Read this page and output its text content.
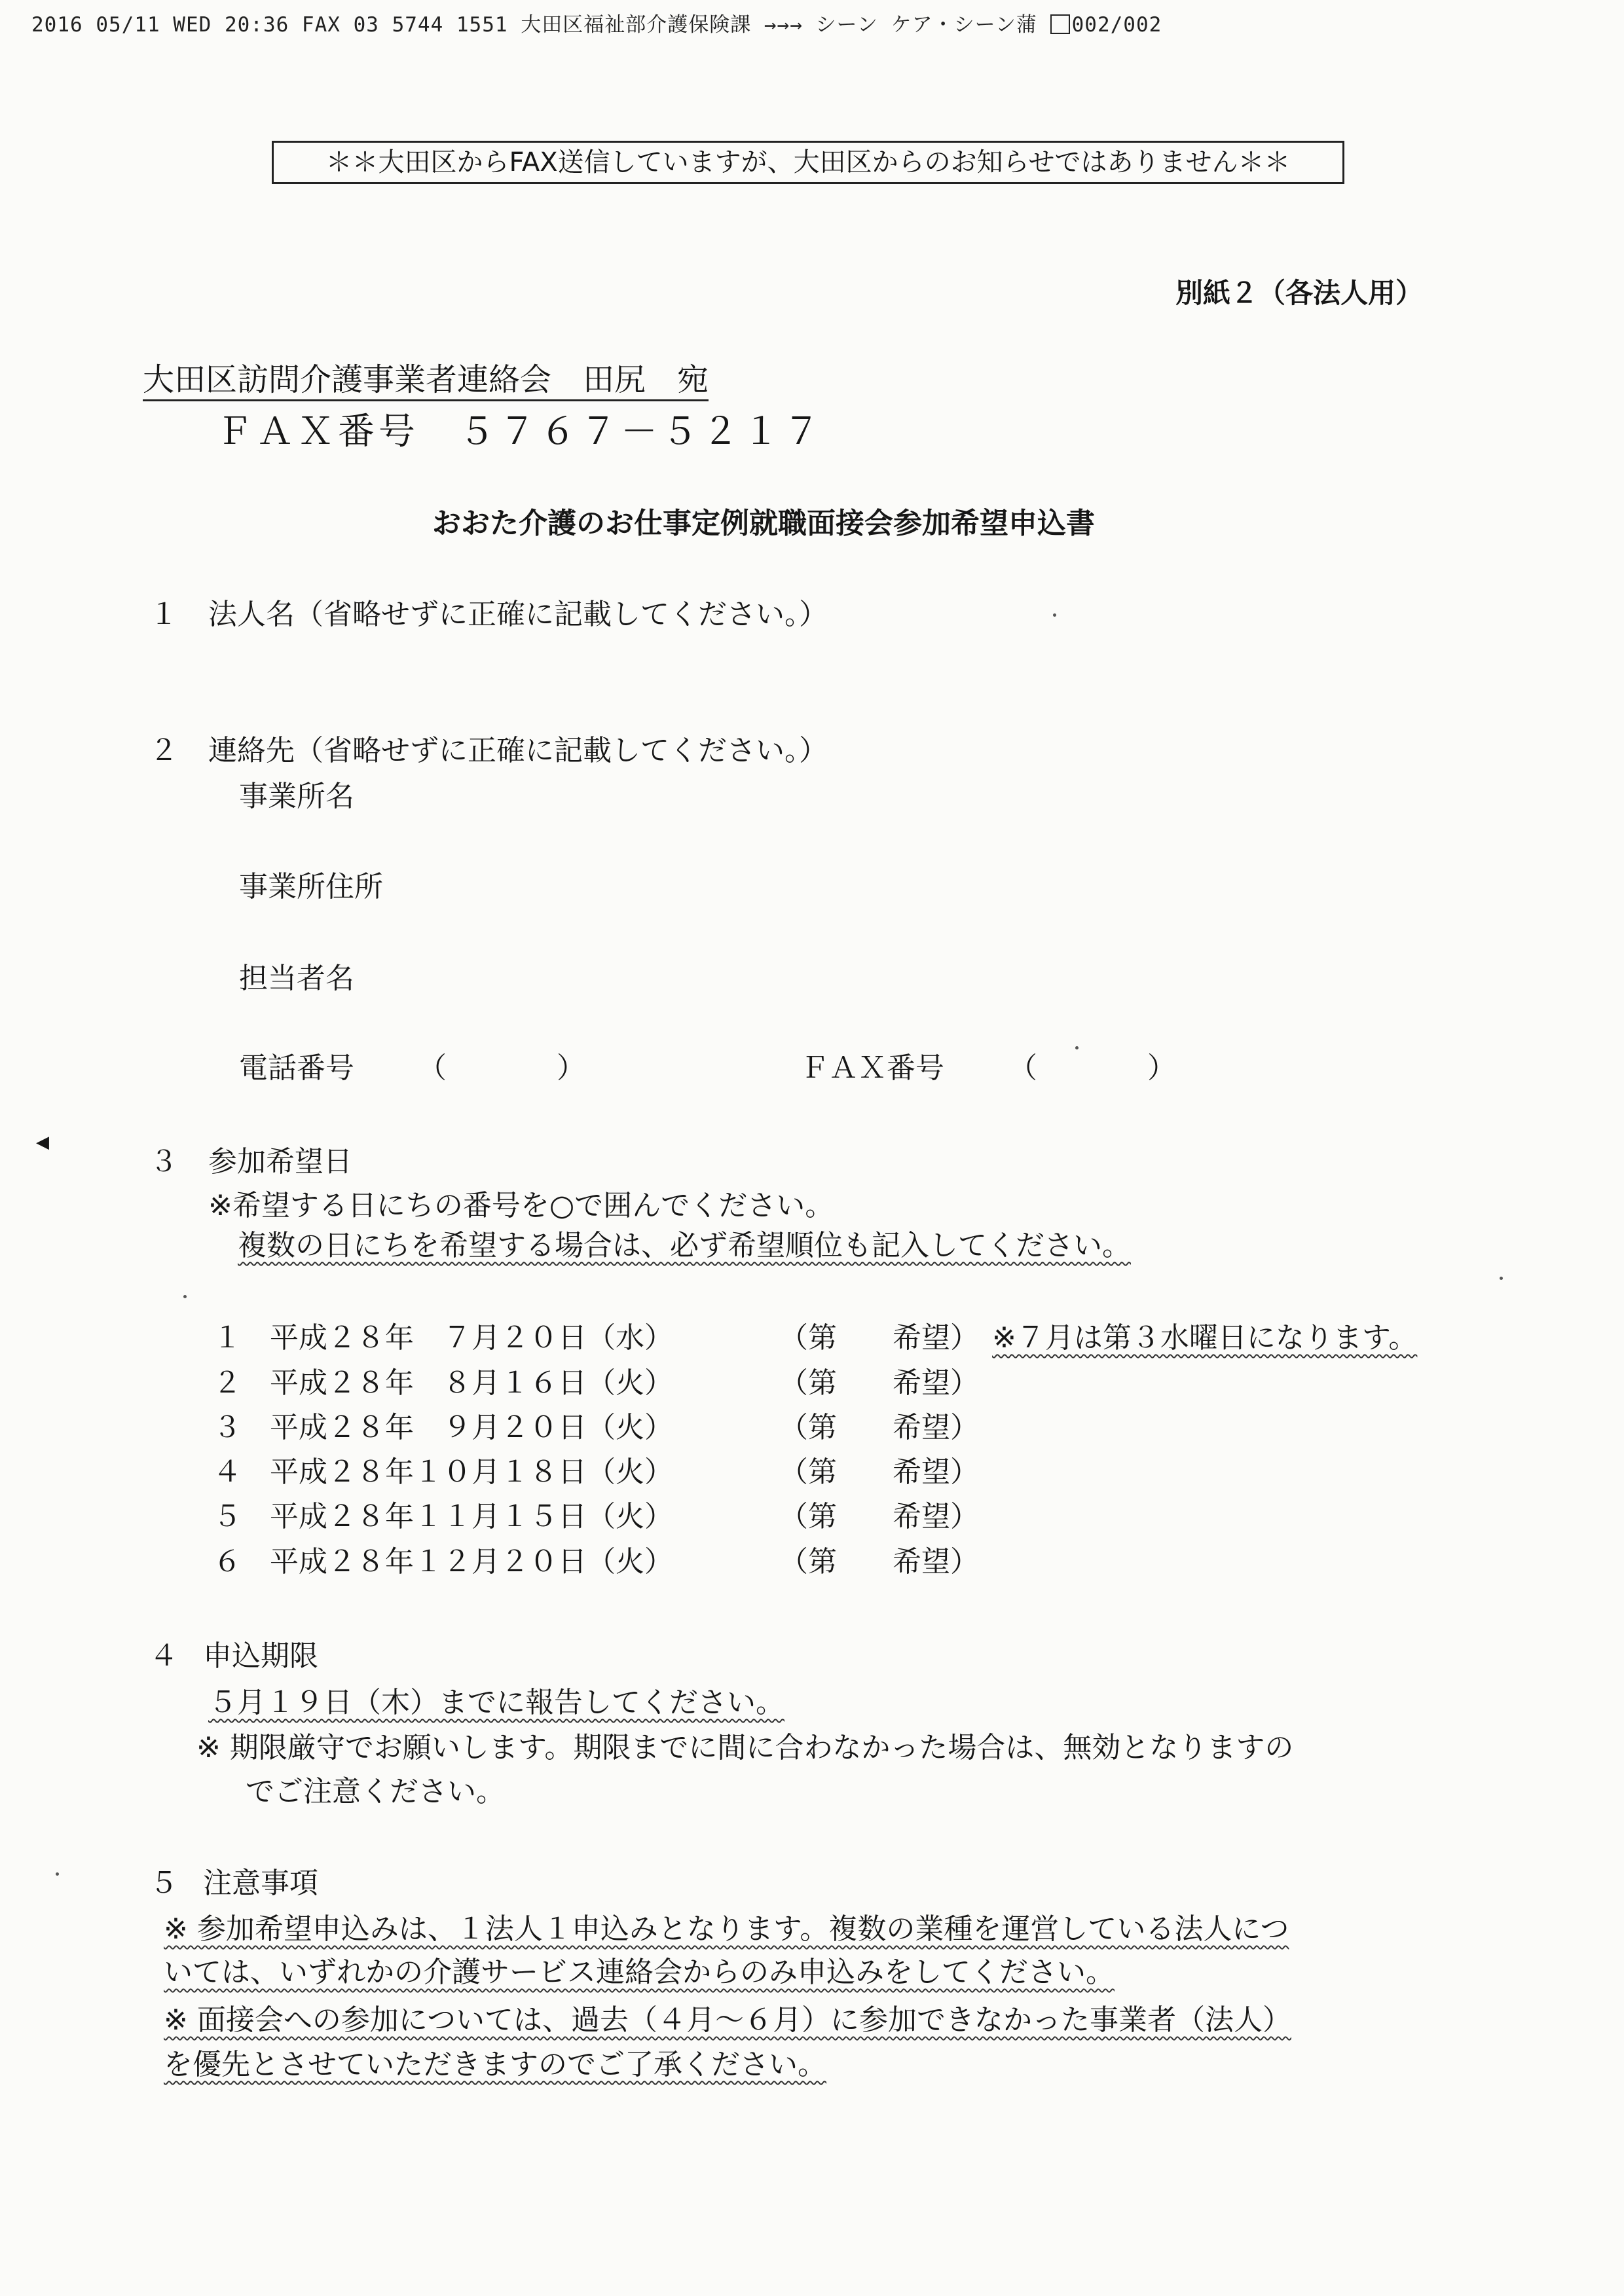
2016 05/11 WED 20:36 FAX 03 5744 1551 大田区福祉部介護保険課 →→→ シーン ケア・シーン蒲 002/002
＊＊大田区からFAX送信していますが、大田区からのお知らせではありません＊＊
別紙２（各法人用）
大田区訪問介護事業者連絡会　田尻　宛
ＦＡＸ番号 ５７６７－５２１７
おおた介護のお仕事定例就職面接会参加希望申込書
１ 法人名（省略せずに正確に記載してください。）
２ 連絡先（省略せずに正確に記載してください。）
事業所名
事業所住所
担当者名
電話番号 （	）	ＦＡＸ番号 （	）
◀
３ 参加希望日
※希望する日にちの番号を○で囲んでください。
複数の日にちを希望する場合は、必ず希望順位も記入してください。
１ 平成２８年　７月２０日（水）	（第 希望） ※７月は第３水曜日になります。
２ 平成２８年　８月１６日（火）	（第 希望）
３ 平成２８年　９月２０日（火）	（第 希望）
４ 平成２８年１０月１８日（火）	（第 希望）
５ 平成２８年１１月１５日（火）	（第 希望）
６ 平成２８年１２月２０日（火）	（第 希望）
４ 申込期限
５月１９日（木）までに報告してください。
※ 期限厳守でお願いします。期限までに間に合わなかった場合は、無効となりますの
でご注意ください。
５ 注意事項
※ 参加希望申込みは、１法人１申込みとなります。複数の業種を運営している法人につ
いては、いずれかの介護サービス連絡会からのみ申込みをしてください。
※ 面接会への参加については、過去（４月～６月）に参加できなかった事業者（法人）
を優先とさせていただきますのでご了承ください。
